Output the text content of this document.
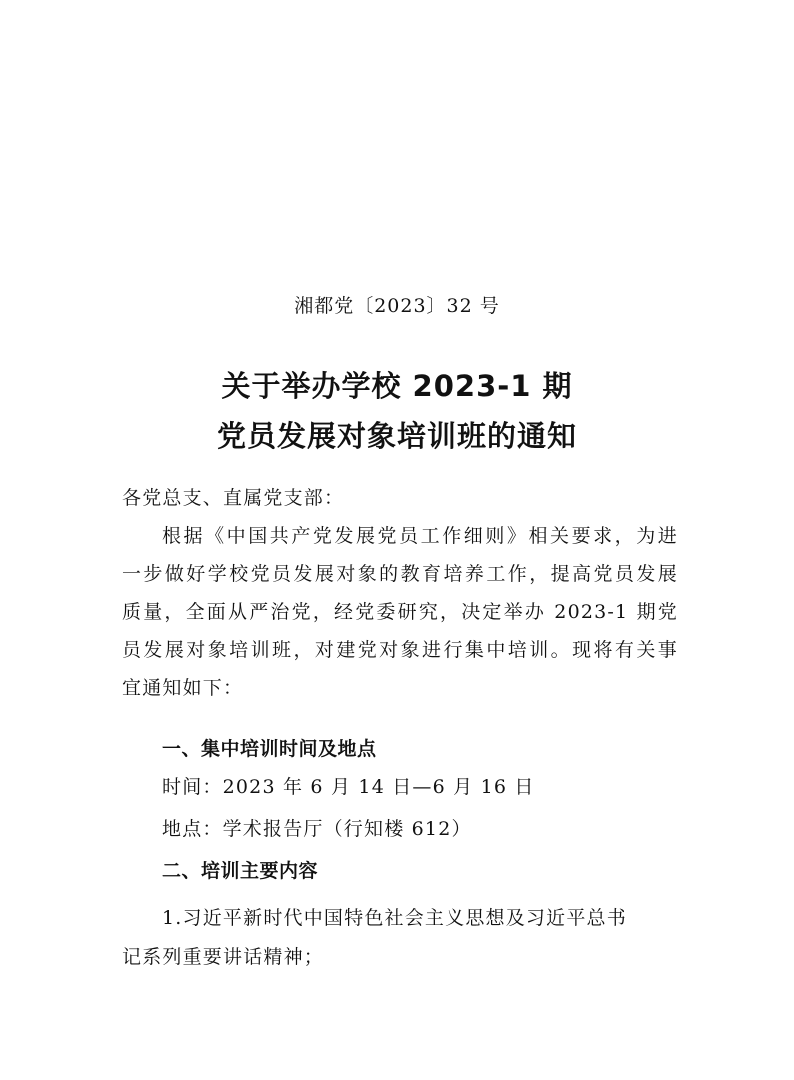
湘都党〔2023〕32 号
关于举办学校 2023-1 期
党员发展对象培训班的通知
各党总支、直属党支部：
根据《中国共产党发展党员工作细则》相关要求，为进
一步做好学校党员发展对象的教育培养工作，提高党员发展
质量，全面从严治党，经党委研究，决定举办 2023-1 期党
员发展对象培训班，对建党对象进行集中培训。现将有关事
宜通知如下：
一、集中培训时间及地点
时间：2023 年 6 月 14 日—6 月 16 日
地点：学术报告厅（行知楼 612）
二、培训主要内容
1.习近平新时代中国特色社会主义思想及习近平总书
记系列重要讲话精神；
